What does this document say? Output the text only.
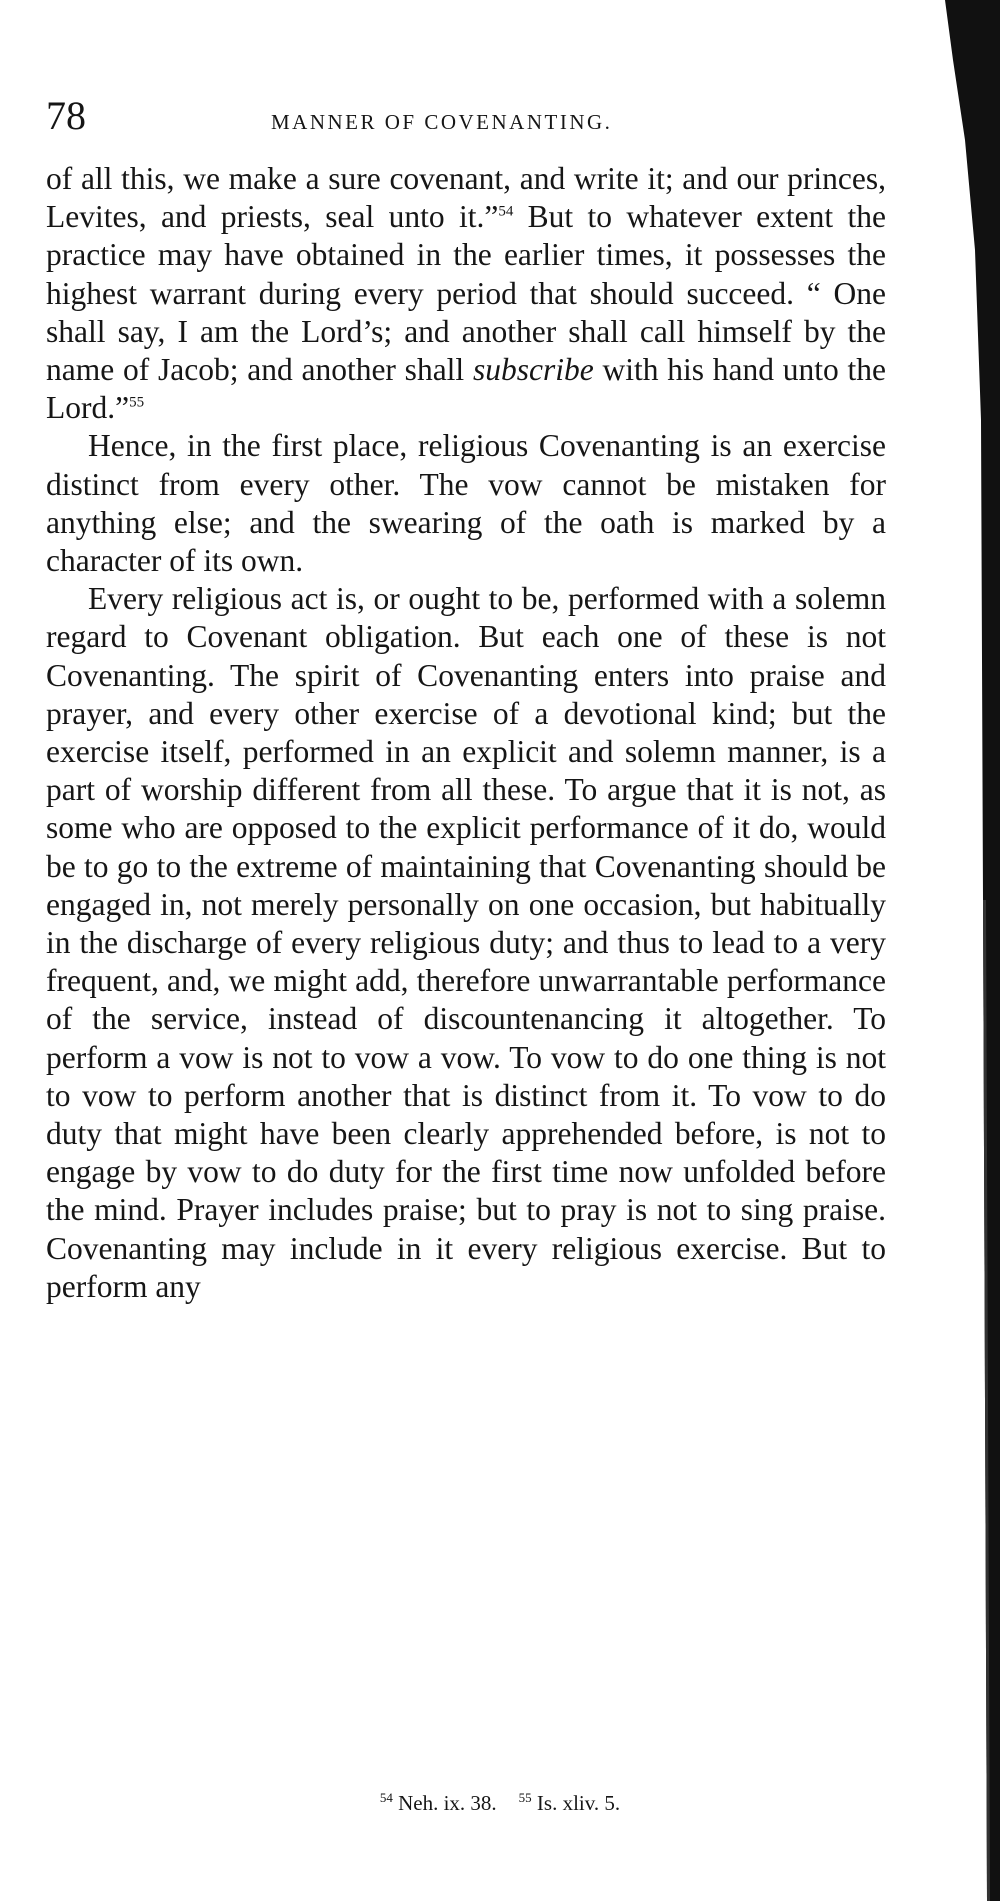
78	MANNER OF COVENANTING.

of all this, we make a sure covenant, and write it; and our princes, Levites, and priests, seal unto it.”$^{54}$ But to whatever extent the practice may have obtained in the earlier times, it possesses the highest warrant during every period that should succeed. “ One shall say, I am the Lord’s; and another shall call himself by the name of Jacob; and another shall subscribe with his hand unto the Lord.”$^{55}$

Hence, in the first place, religious Covenanting is an exercise distinct from every other. The vow cannot be mistaken for anything else; and the swearing of the oath is marked by a character of its own.

Every religious act is, or ought to be, performed with a solemn regard to Covenant obligation. But each one of these is not Covenanting. The spirit of Covenanting enters into praise and prayer, and every other exercise of a devotional kind; but the exercise itself, performed in an explicit and solemn manner, is a part of worship different from all these. To argue that it is not, as some who are opposed to the explicit performance of it do, would be to go to the extreme of maintaining that Covenanting should be engaged in, not merely personally on one occasion, but habitually in the discharge of every religious duty; and thus to lead to a very frequent, and, we might add, therefore unwarrantable performance of the service, instead of discountenancing it altogether. To perform a vow is not to vow a vow. To vow to do one thing is not to vow to perform another that is distinct from it. To vow to do duty that might have been clearly apprehended before, is not to engage by vow to do duty for the first time now unfolded before the mind. Prayer includes praise; but to pray is not to sing praise. Covenanting may include in it every religious exercise. But to perform any

$^{54}$ Neh. ix. 38. $^{55}$ Is. xliv. 5.
